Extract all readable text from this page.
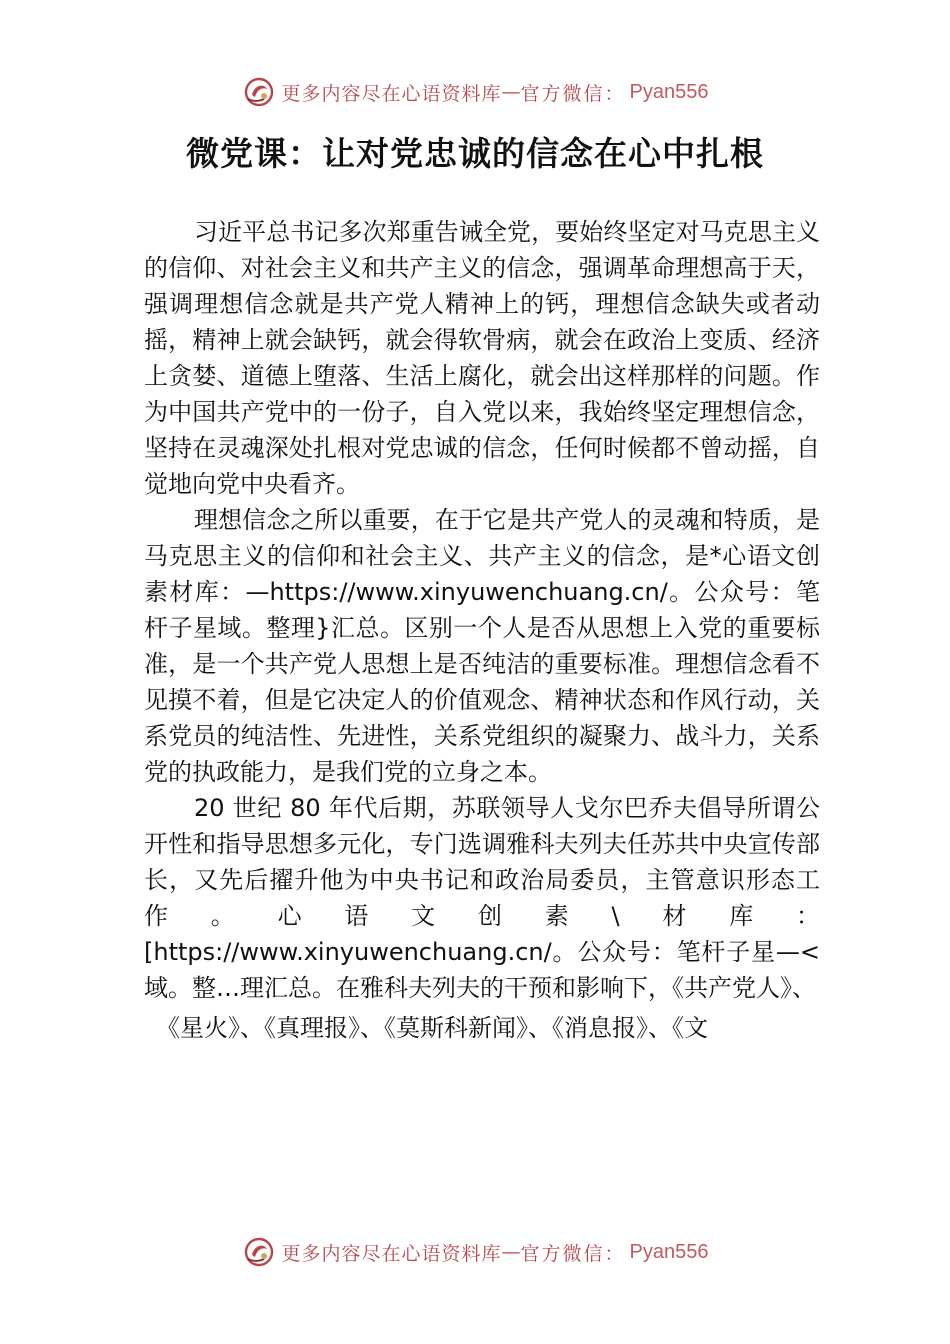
更多内容尽在心语资料库 — 官方微信： Pyan556
微党课：让对党忠诚的信念在心中扎根

习近平总书记多次郑重告诫全党，要始终坚定对马克思主义的信仰、对社会主义和共产主义的信念，强调革命理想高于天，强调理想信念就是共产党人精神上的钙，理想信念缺失或者动摇，精神上就会缺钙，就会得软骨病，就会在政治上变质、经济上贪婪、道德上堕落、生活上腐化，就会出这样那样的问题。作为中国共产党中的一份子，自入党以来，我始终坚定理想信念，坚持在灵魂深处扎根对党忠诚的信念，任何时候都不曾动摇，自觉地向党中央看齐。

理想信念之所以重要，在于它是共产党人的灵魂和特质，是马克思主义的信仰和社会主义、共产主义的信念，是*心语文创素材库：—https://www.xinyuwenchuang.cn/。公众号：笔杆子星域。整理}汇总。区别一个人是否从思想上入党的重要标准，是一个共产党人思想上是否纯洁的重要标准。理想信念看不见摸不着，但是它决定人的价值观念、精神状态和作风行动，关系党员的纯洁性、先进性，关系党组织的凝聚力、战斗力，关系党的执政能力，是我们党的立身之本。

20 世纪 80 年代后期，苏联领导人戈尔巴乔夫倡导所谓公开性和指导思想多元化，专门选调雅科夫列夫任苏共中央宣传部长，又先后擢升他为中央书记和政治局委员，主管意识形态工作。心语文创素\材库：[https://www.xinyuwenchuang.cn/。公众号：笔杆子星—<域。整…理汇总。在雅科夫列夫的干预和影响下，《共产党人》、

《星火》、《真理报》、《莫斯科新闻》、《消息报》、《文

更多内容尽在心语资料库 — 官方微信： Pyan556
